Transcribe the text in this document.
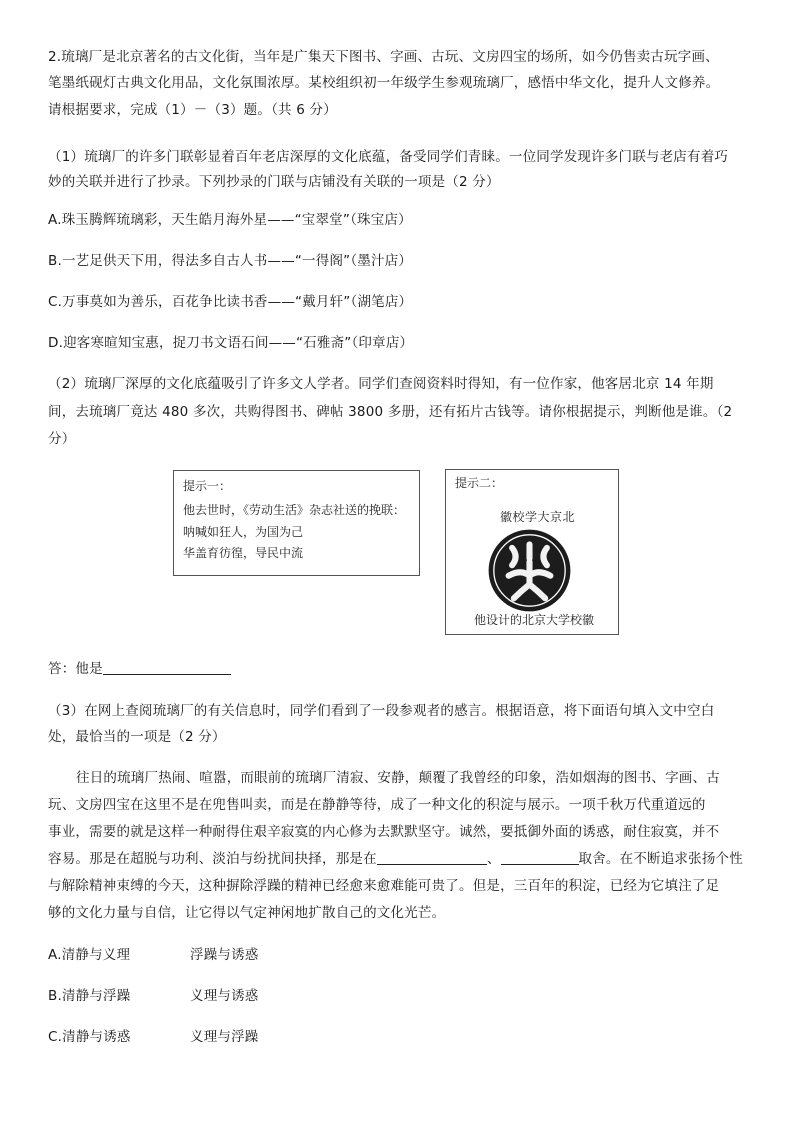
2.琉璃厂是北京著名的古文化街，当年是广集天下图书、字画、古玩、文房四宝的场所，如今仍售卖古玩字画、
笔墨纸砚灯古典文化用品，文化氛围浓厚。某校组织初一年级学生参观琉璃厂，感悟中华文化，提升人文修养。
请根据要求，完成（1）－（3）题。（共 6 分）
（1）琉璃厂的许多门联彰显着百年老店深厚的文化底蕴，备受同学们青睐。一位同学发现许多门联与老店有着巧
妙的关联并进行了抄录。下列抄录的门联与店铺没有关联的一项是（2 分）
A.珠玉腾辉琉璃彩，天生皓月海外星——“宝翠堂”（珠宝店）
B.一艺足供天下用，得法多自古人书——“一得阁”（墨汁店）
C.万事莫如为善乐，百花争比读书香——“戴月轩”（湖笔店）
D.迎客寒暄知宝惠，捉刀书文语石间——“石雅斋”（印章店）
（2）琉璃厂深厚的文化底蕴吸引了许多文人学者。同学们查阅资料时得知，有一位作家，他客居北京 14 年期
间，去琉璃厂竟达 480 多次，共购得图书、碑帖 3800 多册，还有拓片古钱等。请你根据提示，判断他是谁。（2
分）
提示一：
他去世时，《劳动生活》杂志社送的挽联：
呐喊如狂人，为国为己
华盖育彷徨，导民中流
提示二：
徽校学大京北
他设计的北京大学校徽
答：他是
（3）在网上查阅琉璃厂的有关信息时，同学们看到了一段参观者的感言。根据语意，将下面语句填入文中空白
处，最恰当的一项是（2 分）
往日的琉璃厂热闹、喧嚣，而眼前的琉璃厂清寂、安静，颠覆了我曾经的印象，浩如烟海的图书、字画、古
玩、文房四宝在这里不是在兜售叫卖，而是在静静等待，成了一种文化的积淀与展示。一项千秋万代重道远的
事业，需要的就是这样一种耐得住艰辛寂寞的内心修为去默默坚守。诚然，要抵御外面的诱惑，耐住寂寞，并不
容易。那是在超脱与功利、淡泊与纷扰间抉择，那是在	、	取舍。在不断追求张扬个性
与解除精神束缚的今天，这种摒除浮躁的精神已经愈来愈难能可贵了。但是，三百年的积淀，已经为它填注了足
够的文化力量与自信，让它得以气定神闲地扩散自己的文化光芒。
A.清静与义理	浮躁与诱惑
B.清静与浮躁	义理与诱惑
C.清静与诱惑	义理与浮躁
